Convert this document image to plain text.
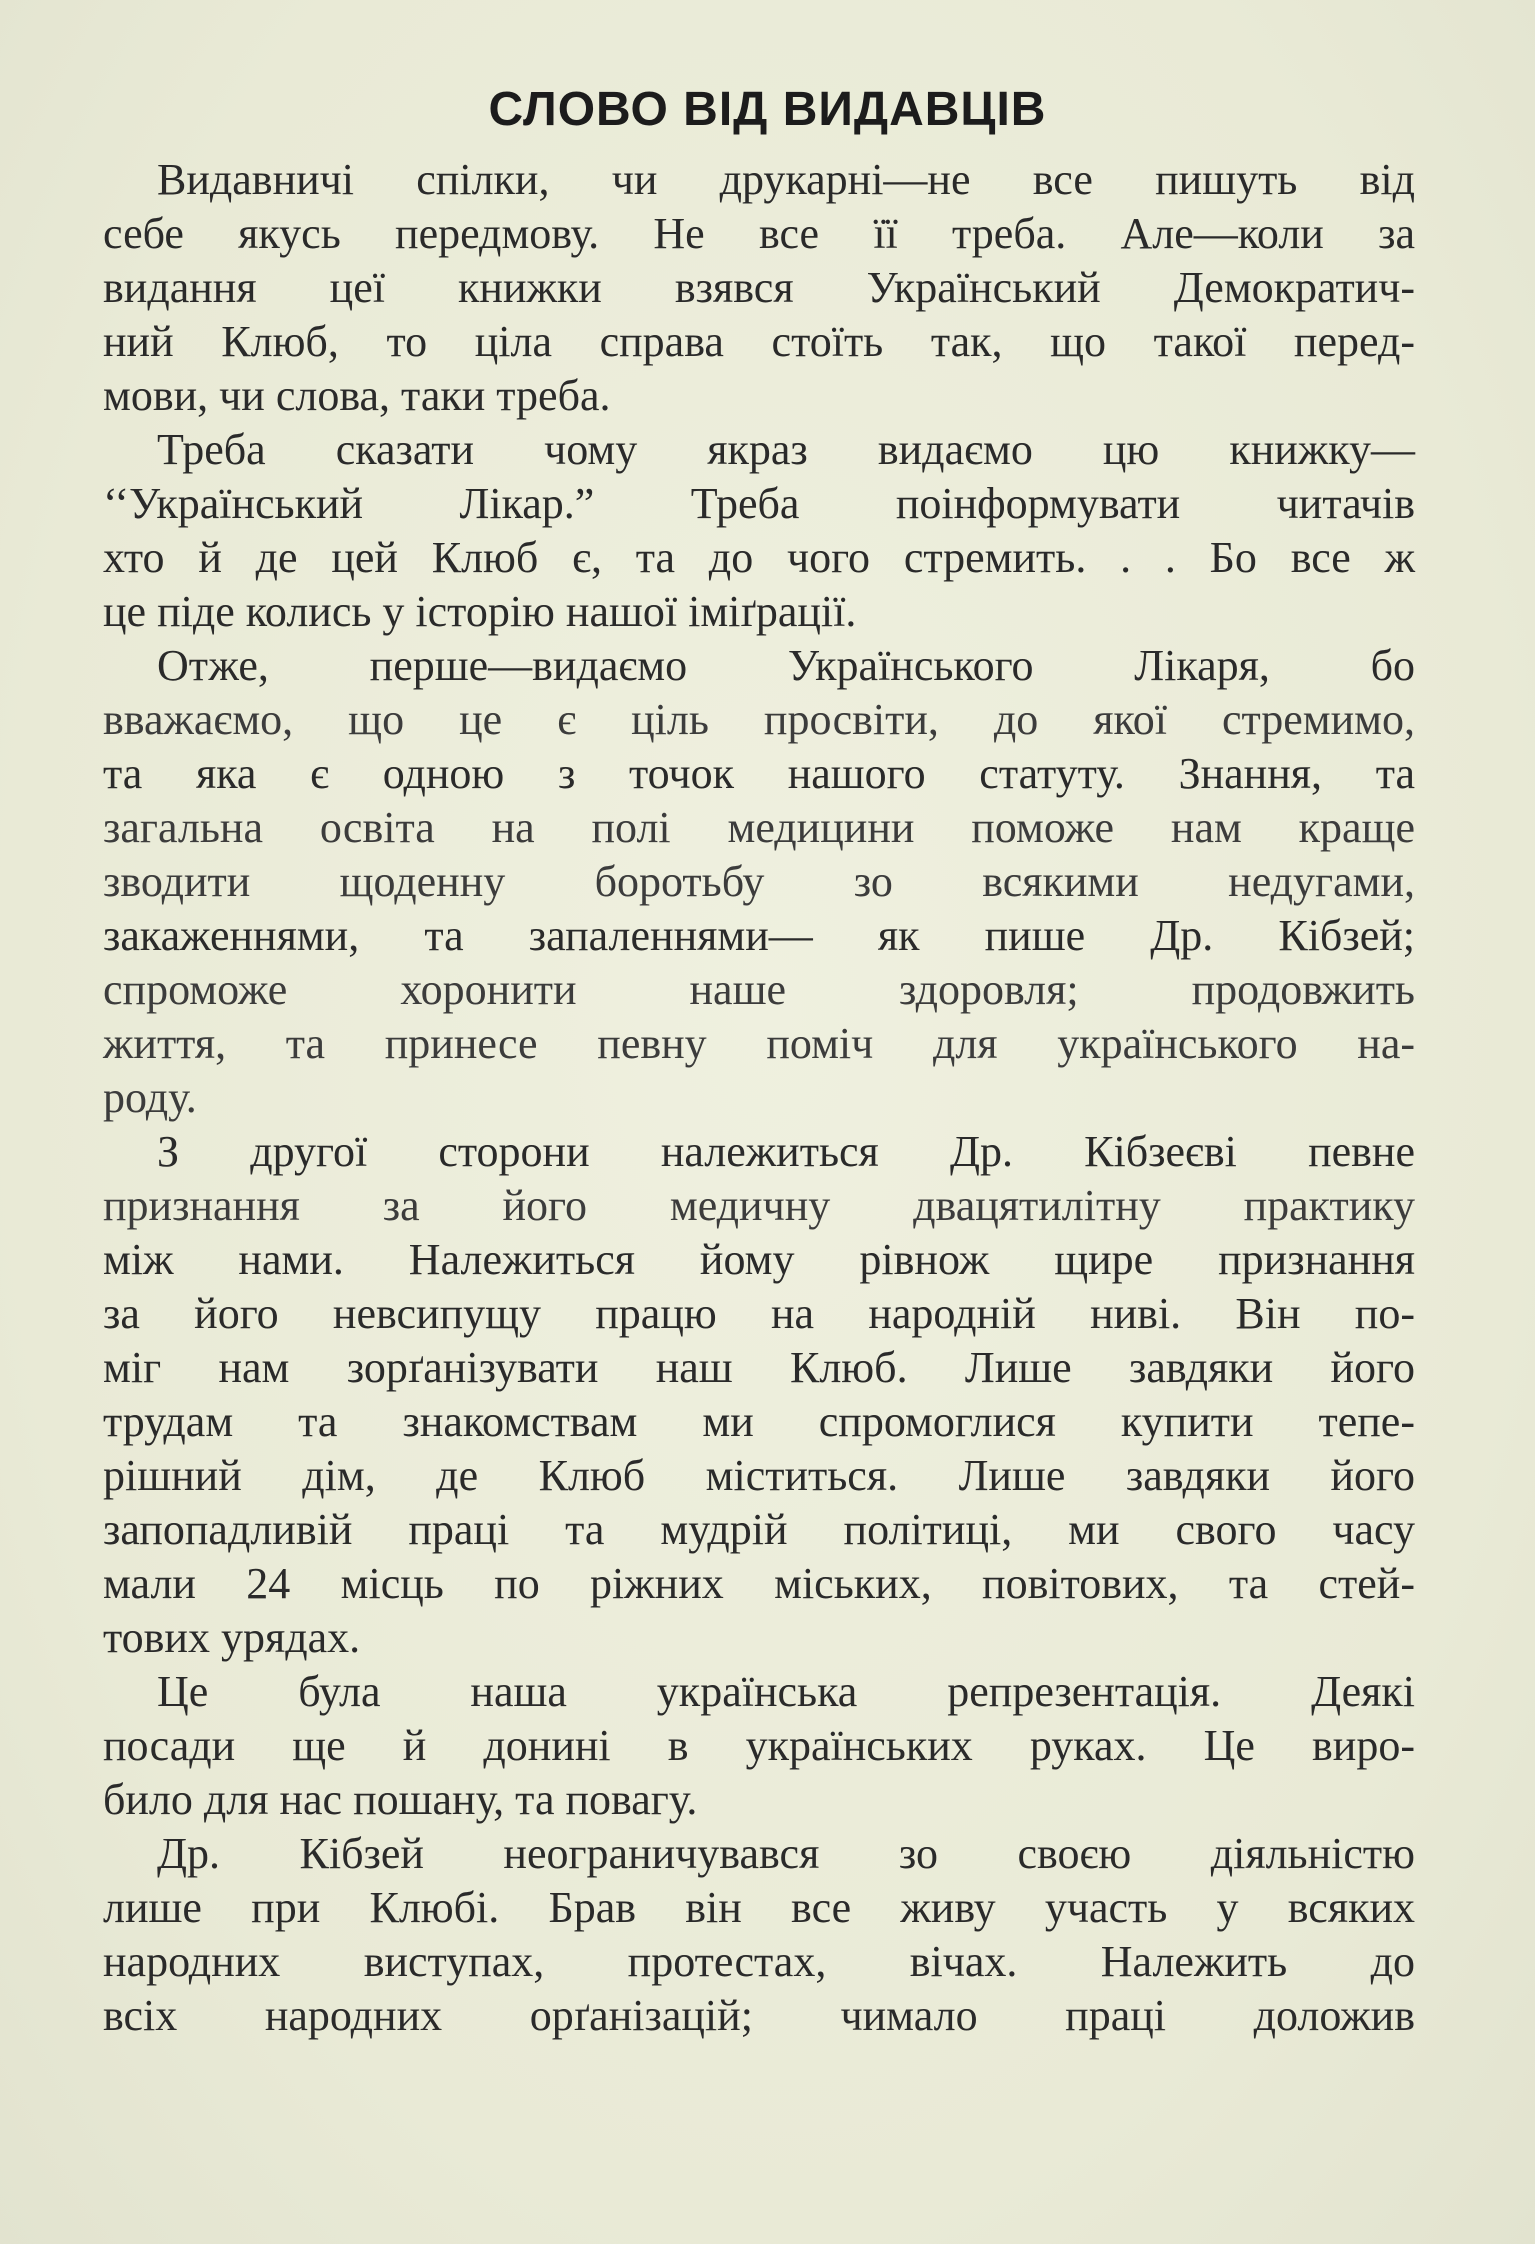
СЛОВО ВІД ВИДАВЦІВ

Видавничі спілки, чи друкарні—не все пишуть від

себе якусь передмову. Не все її треба. Але—коли за

видання цеї книжки взявся Український Демократич-

ний Клюб, то ціла справа стоїть так, що такої перед-

мови, чи слова, таки треба.

Треба сказати чому якраз видаємо цю книжку—

‘‘Український Лікар.” Треба поінформувати читачів

хто й де цей Клюб є, та до чого стремить. . . Бо все ж

це піде колись у історію нашої іміґрації.

Отже, перше—видаємо Українського Лікаря, бо

вважаємо, що це є ціль просвіти, до якої стремимо,

та яка є одною з точок нашого статуту. Знання, та

загальна освіта на полі медицини поможе нам краще

зводити щоденну боротьбу зо всякими недугами,

закаженнями, та запаленнями— як пише Др. Кібзей;

спроможе хоронити наше здоровля; продовжить

життя, та принесе певну поміч для українського на-

роду.

З другої сторони належиться Др. Кібзеєві певне

признання за його медичну двацятилітну практику

між нами. Належиться йому рівнож щире признання

за його невсипущу працю на народній ниві. Він по-

міг нам зорґанізувати наш Клюб. Лише завдяки його

трудам та знакомствам ми спромоглися купити тепе-

рішний дім, де Клюб міститься. Лише завдяки його

запопадливій праці та мудрій політиці, ми свого часу

мали 24 місць по ріжних міських, повітових, та стей-

тових урядах.

Це була наша українська репрезентація. Деякі

посади ще й донині в українських руках. Це виро-

било для нас пошану, та повагу.

Др. Кібзей неограничувався зо своєю діяльністю

лише при Клюбі. Брав він все живу участь у всяких

народних виступах, протестах, вічах. Належить до

всіх народних орґанізацій; чимало праці доложив
